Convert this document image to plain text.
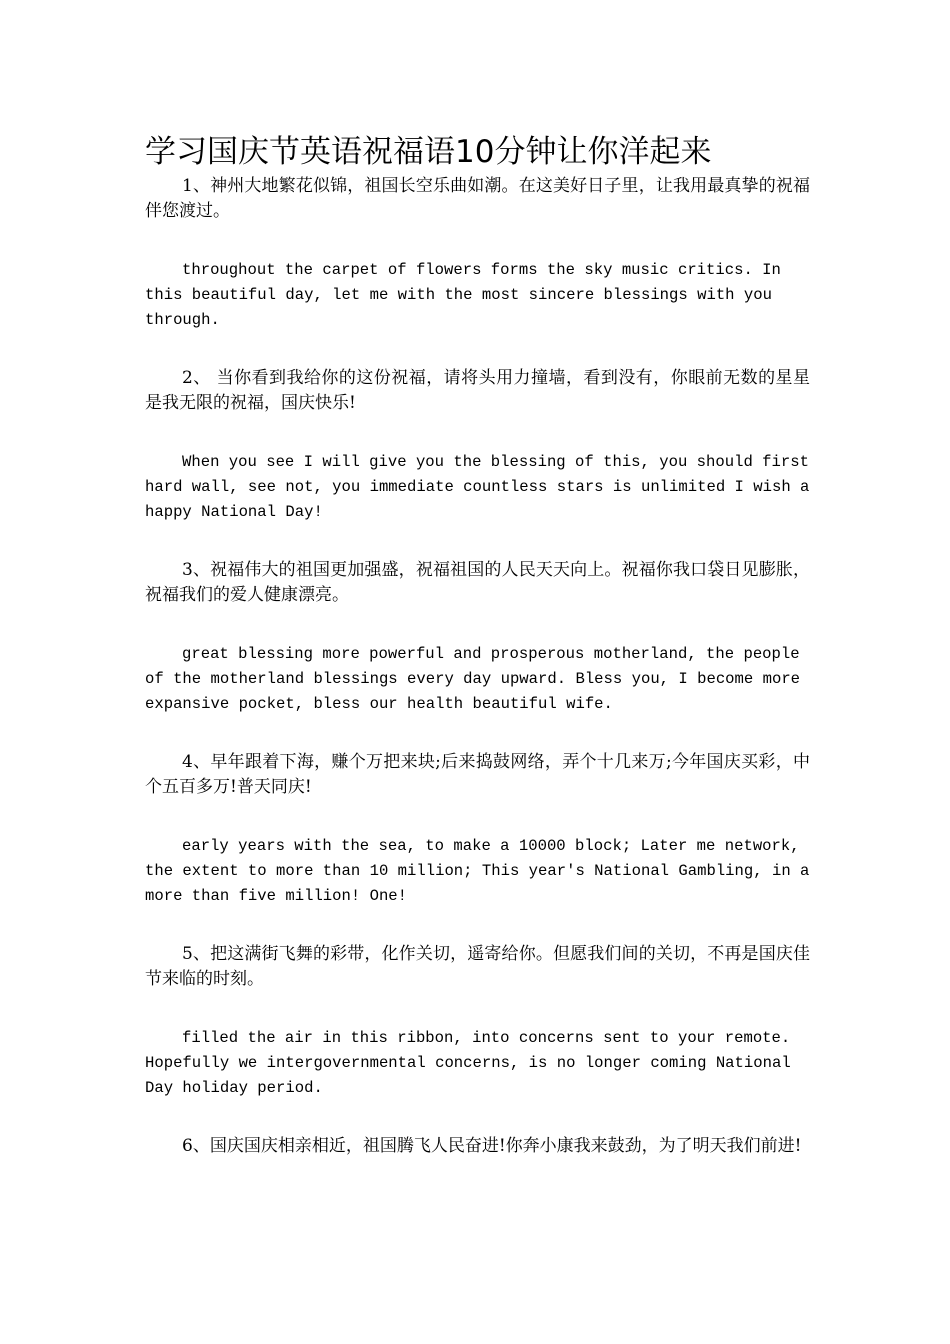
学习国庆节英语祝福语10分钟让你洋起来

1、神州大地繁花似锦，祖国长空乐曲如潮。在这美好日子里，让我用最真挚的祝福伴您渡过。

throughout the carpet of flowers forms the sky music critics. In this beautiful day, let me with the most sincere blessings with you through.

2、 当你看到我给你的这份祝福，请将头用力撞墙，看到没有，你眼前无数的星星是我无限的祝福，国庆快乐!

When you see I will give you the blessing of this, you should first hard wall, see not, you immediate countless stars is unlimited I wish a happy National Day!

3、祝福伟大的祖国更加强盛，祝福祖国的人民天天向上。祝福你我口袋日见膨胀，祝福我们的爱人健康漂亮。

great blessing more powerful and prosperous motherland, the people of the motherland blessings every day upward. Bless you, I become more expansive pocket, bless our health beautiful wife.

4、早年跟着下海，赚个万把来块;后来捣鼓网络，弄个十几来万;今年国庆买彩，中个五百多万!普天同庆!

early years with the sea, to make a 10000 block; Later me network, the extent to more than 10 million; This year's National Gambling, in a more than five million! One!

5、把这满街飞舞的彩带，化作关切，遥寄给你。但愿我们间的关切，不再是国庆佳节来临的时刻。

filled the air in this ribbon, into concerns sent to your remote. Hopefully we intergovernmental concerns, is no longer coming National Day holiday period.

6、国庆国庆相亲相近，祖国腾飞人民奋进!你奔小康我来鼓劲，为了明天我们前进!
